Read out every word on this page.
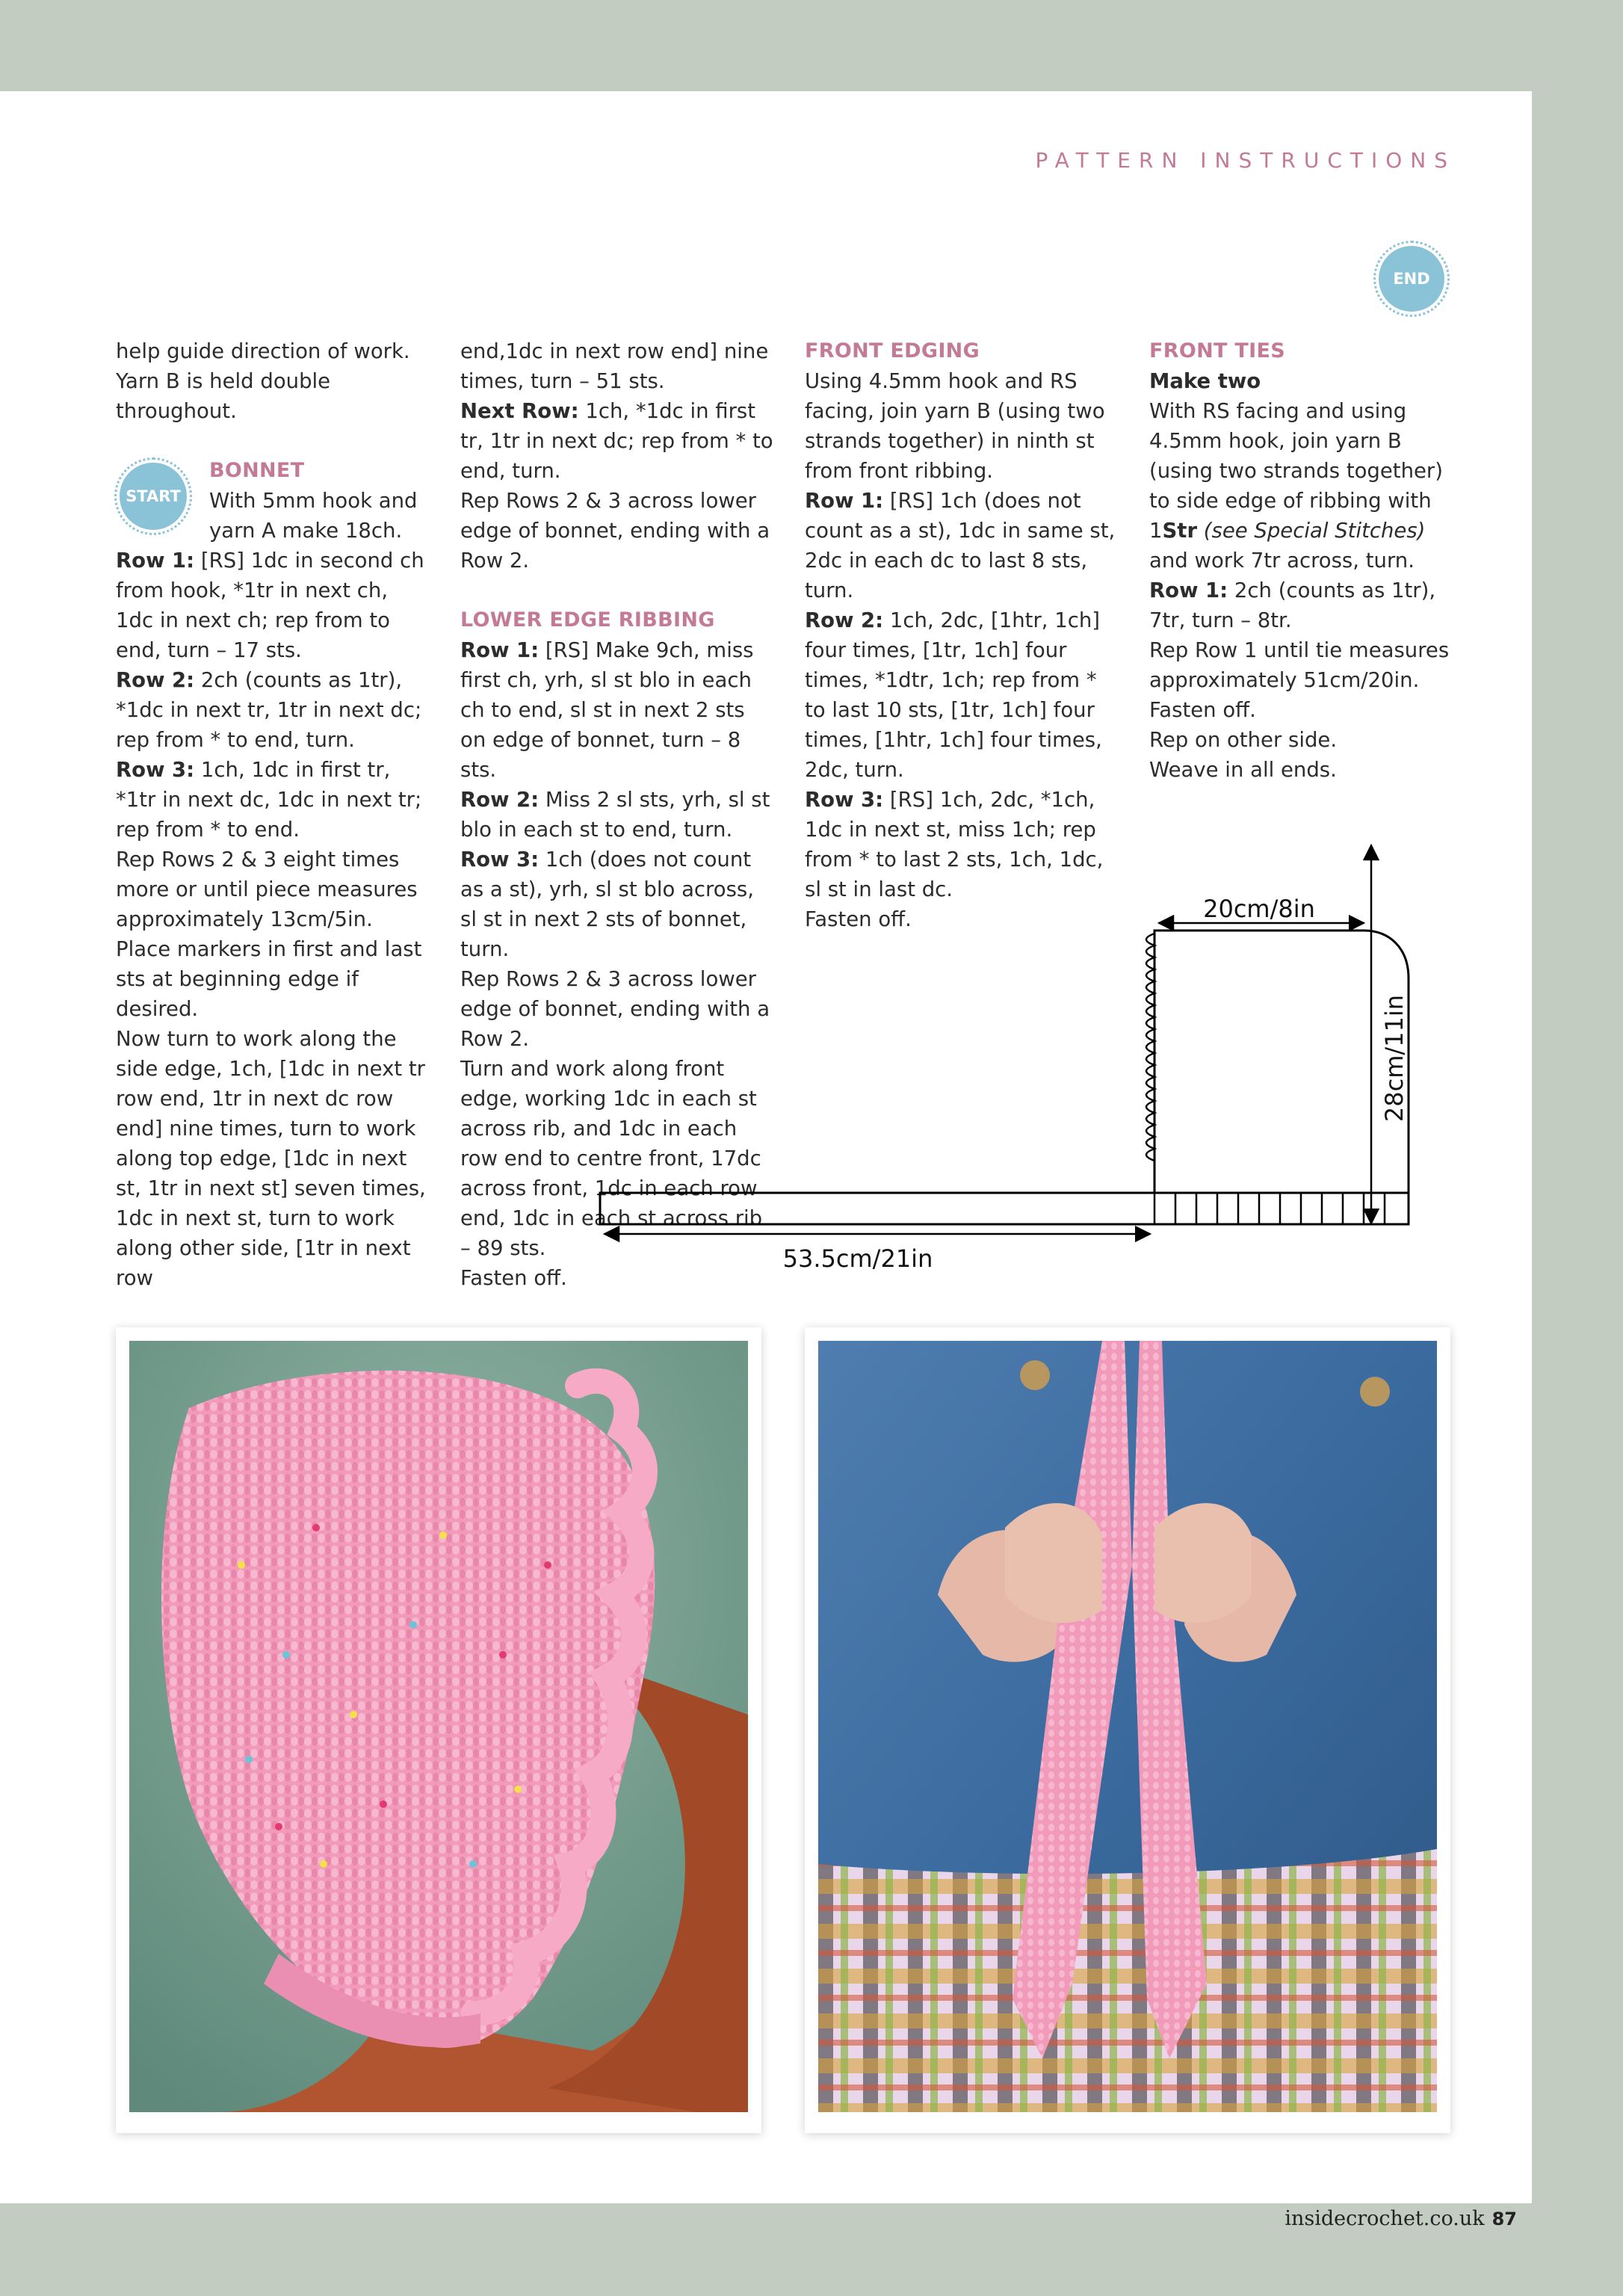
PATTERN INSTRUCTIONS

help guide direction of work. Yarn B is held double throughout.

START

BONNET

With 5mm hook and yarn A make 18ch.

Row 1: [RS] 1dc in second ch from hook, *1tr in next ch, 1dc in next ch; rep from to end, turn – 17 sts.

Row 2: 2ch (counts as 1tr), *1dc in next tr, 1tr in next dc; rep from * to end, turn.

Row 3: 1ch, 1dc in first tr, *1tr in next dc, 1dc in next tr; rep from * to end.

Rep Rows 2 & 3 eight times more or until piece measures approximately 13cm/5in.

Place markers in first and last sts at beginning edge if desired.

Now turn to work along the side edge, 1ch, [1dc in next tr row end, 1tr in next dc row end] nine times, turn to work along top edge, [1dc in next st, 1tr in next st] seven times, 1dc in next st, turn to work along other side, [1tr in next row

end,1dc in next row end] nine times, turn – 51 sts.

Next Row: 1ch, *1dc in first tr, 1tr in next dc; rep from * to end, turn.

Rep Rows 2 & 3 across lower edge of bonnet, ending with a Row 2.

LOWER EDGE RIBBING

Row 1: [RS] Make 9ch, miss first ch, yrh, sl st blo in each ch to end, sl st in next 2 sts on edge of bonnet, turn – 8 sts.

Row 2: Miss 2 sl sts, yrh, sl st blo in each st to end, turn.

Row 3: 1ch (does not count as a st), yrh, sl st blo across, sl st in next 2 sts of bonnet, turn.

Rep Rows 2 & 3 across lower edge of bonnet, ending with a Row 2.

Turn and work along front edge, working 1dc in each st across rib, and 1dc in each row end to centre front, 17dc across front, 1dc in each row end, 1dc in each st across rib – 89 sts.

Fasten off.

FRONT EDGING

Using 4.5mm hook and RS facing, join yarn B (using two strands together) in ninth st from front ribbing.

Row 1: [RS] 1ch (does not count as a st), 1dc in same st, 2dc in each dc to last 8 sts, turn.

Row 2: 1ch, 2dc, [1htr, 1ch] four times, [1tr, 1ch] four times, *1dtr, 1ch; rep from * to last 10 sts, [1tr, 1ch] four times, [1htr, 1ch] four times, 2dc, turn.

Row 3: [RS] 1ch, 2dc, *1ch, 1dc in next st, miss 1ch; rep from * to last 2 sts, 1ch, 1dc, sl st in last dc.

Fasten off.

FRONT TIES

Make two

With RS facing and using 4.5mm hook, join yarn B (using two strands together) to side edge of ribbing with 1Str (see Special Stitches) and work 7tr across, turn.

Row 1: 2ch (counts as 1tr), 7tr, turn – 8tr.

Rep Row 1 until tie measures approximately 51cm/20in.

Fasten off.

Rep on other side.

Weave in all ends.

END
20cm/8in
28cm/11in
53.5cm/21in
insidecrochet.co.uk 87
